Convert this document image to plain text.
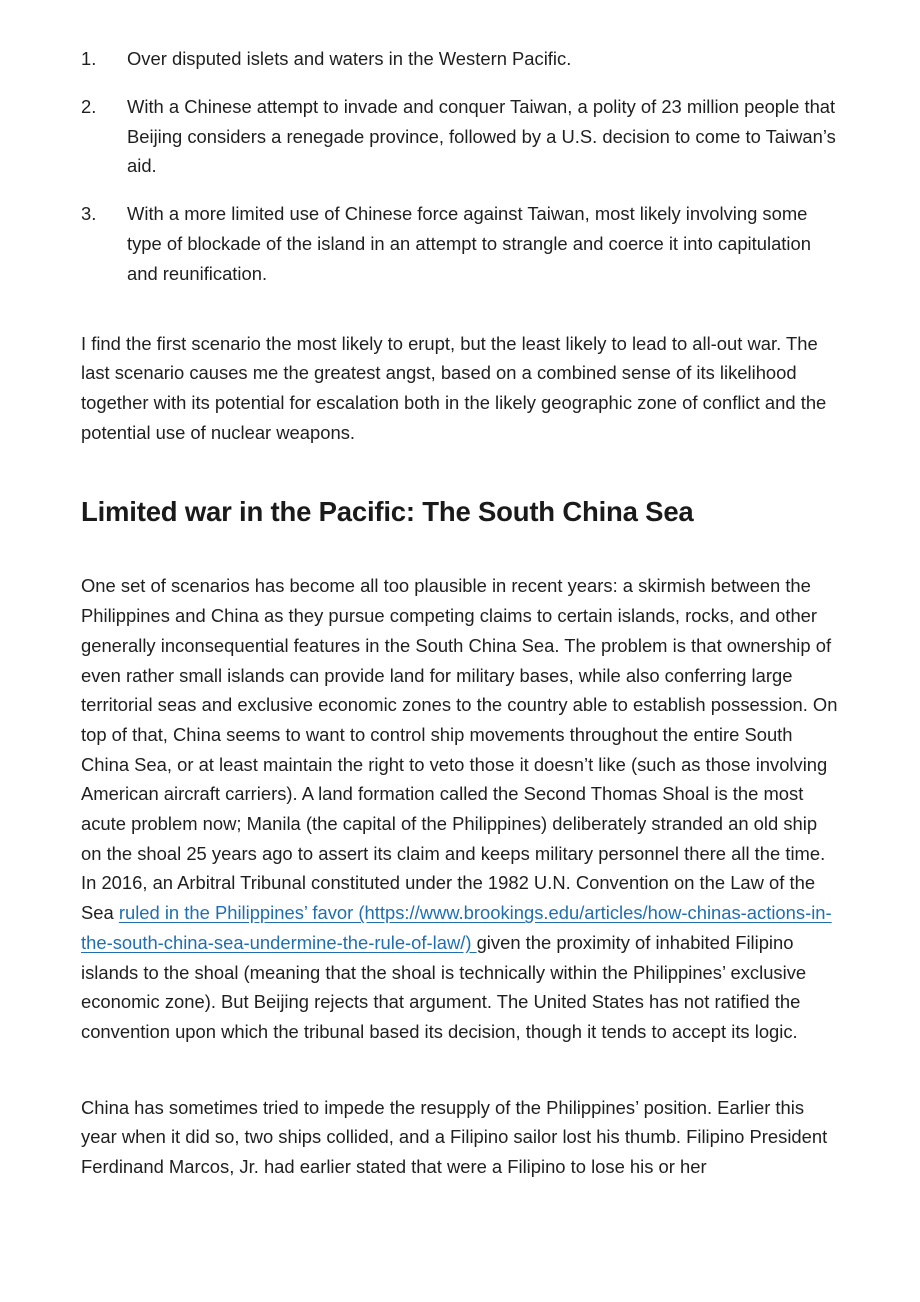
1.	Over disputed islets and waters in the Western Pacific.
2.	With a Chinese attempt to invade and conquer Taiwan, a polity of 23 million people that Beijing considers a renegade province, followed by a U.S. decision to come to Taiwan’s aid.
3.	With a more limited use of Chinese force against Taiwan, most likely involving some type of blockade of the island in an attempt to strangle and coerce it into capitulation and reunification.

I find the first scenario the most likely to erupt, but the least likely to lead to all-out war. The last scenario causes me the greatest angst, based on a combined sense of its likelihood together with its potential for escalation both in the likely geographic zone of conflict and the potential use of nuclear weapons.

Limited war in the Pacific: The South China Sea

One set of scenarios has become all too plausible in recent years: a skirmish between the Philippines and China as they pursue competing claims to certain islands, rocks, and other generally inconsequential features in the South China Sea. The problem is that ownership of even rather small islands can provide land for military bases, while also conferring large territorial seas and exclusive economic zones to the country able to establish possession. On top of that, China seems to want to control ship movements throughout the entire South China Sea, or at least maintain the right to veto those it doesn’t like (such as those involving American aircraft carriers). A land formation called the Second Thomas Shoal is the most acute problem now; Manila (the capital of the Philippines) deliberately stranded an old ship on the shoal 25 years ago to assert its claim and keeps military personnel there all the time. In 2016, an Arbitral Tribunal constituted under the 1982 U.N. Convention on the Law of the Sea ruled in the Philippines’ favor (https://www.brookings.edu/articles/how-chinas-actions-in-the-south-china-sea-undermine-the-rule-of-law/) given the proximity of inhabited Filipino islands to the shoal (meaning that the shoal is technically within the Philippines’ exclusive economic zone). But Beijing rejects that argument. The United States has not ratified the convention upon which the tribunal based its decision, though it tends to accept its logic.

China has sometimes tried to impede the resupply of the Philippines’ position. Earlier this year when it did so, two ships collided, and a Filipino sailor lost his thumb. Filipino President Ferdinand Marcos, Jr. had earlier stated that were a Filipino to lose his or her
